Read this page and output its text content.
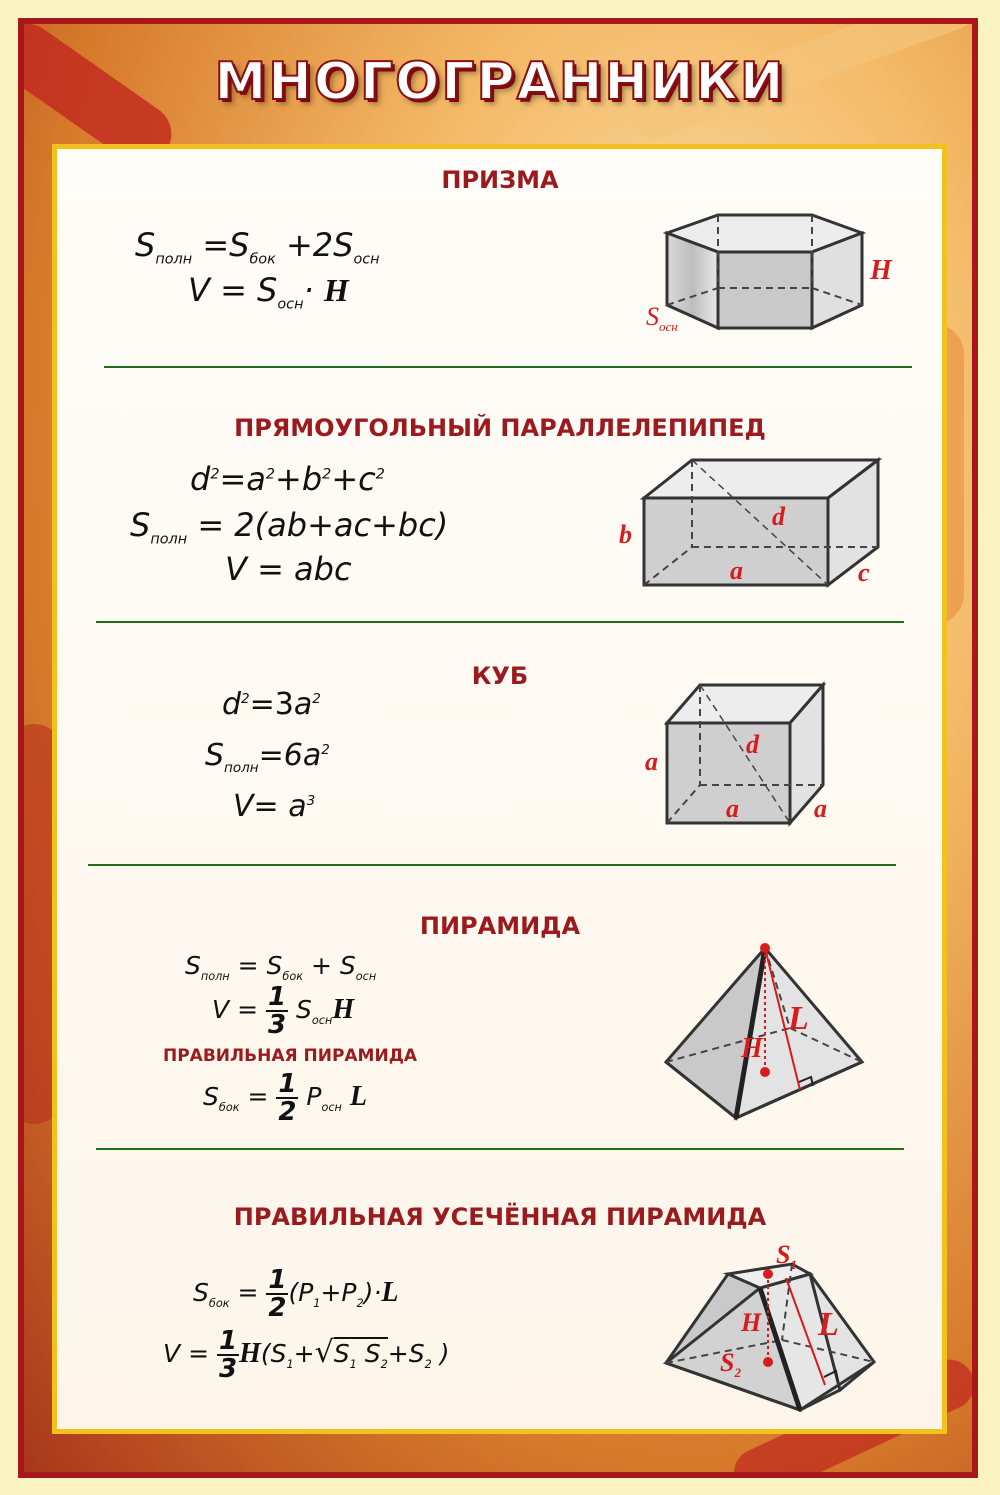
МНОГОГРАННИКИ
ПРИЗМА
$S_{полн} =S_{бок} +2S_{осн}$
$V = S_{осн}\cdot H$
H
$S_{осн}$
ПРЯМОУГОЛЬНЫЙ ПАРАЛЛЕЛЕПИПЕД
$d^2=a^2+b^2+c^2$
$S_{полн} = 2(ab+ac+bc)$
V = abc
b
d
a	c
КУБ
$d^2=3a^2$
$S_{полн}=6a^2$
$V= a^3$
a
d
a	a
ПИРАМИДА
$S_{полн} = S_{бок} + S_{осн}$
$V = \frac{1}{3} S_{осн}H$
ПРАВИЛЬНАЯ ПИРАМИДА
$S_{бок} = \frac{1}{2} P_{осн}$ L
L
H
ПРАВИЛЬНАЯ УСЕЧЁННАЯ ПИРАМИДА
$S_{бок} = \frac{1}{2} (P_1+P_2)\cdot L$
$V = \frac{1}{3} H(S_1+√S_1$ $S_2+S_2$ )
$S_1$
H L
$S_2$
